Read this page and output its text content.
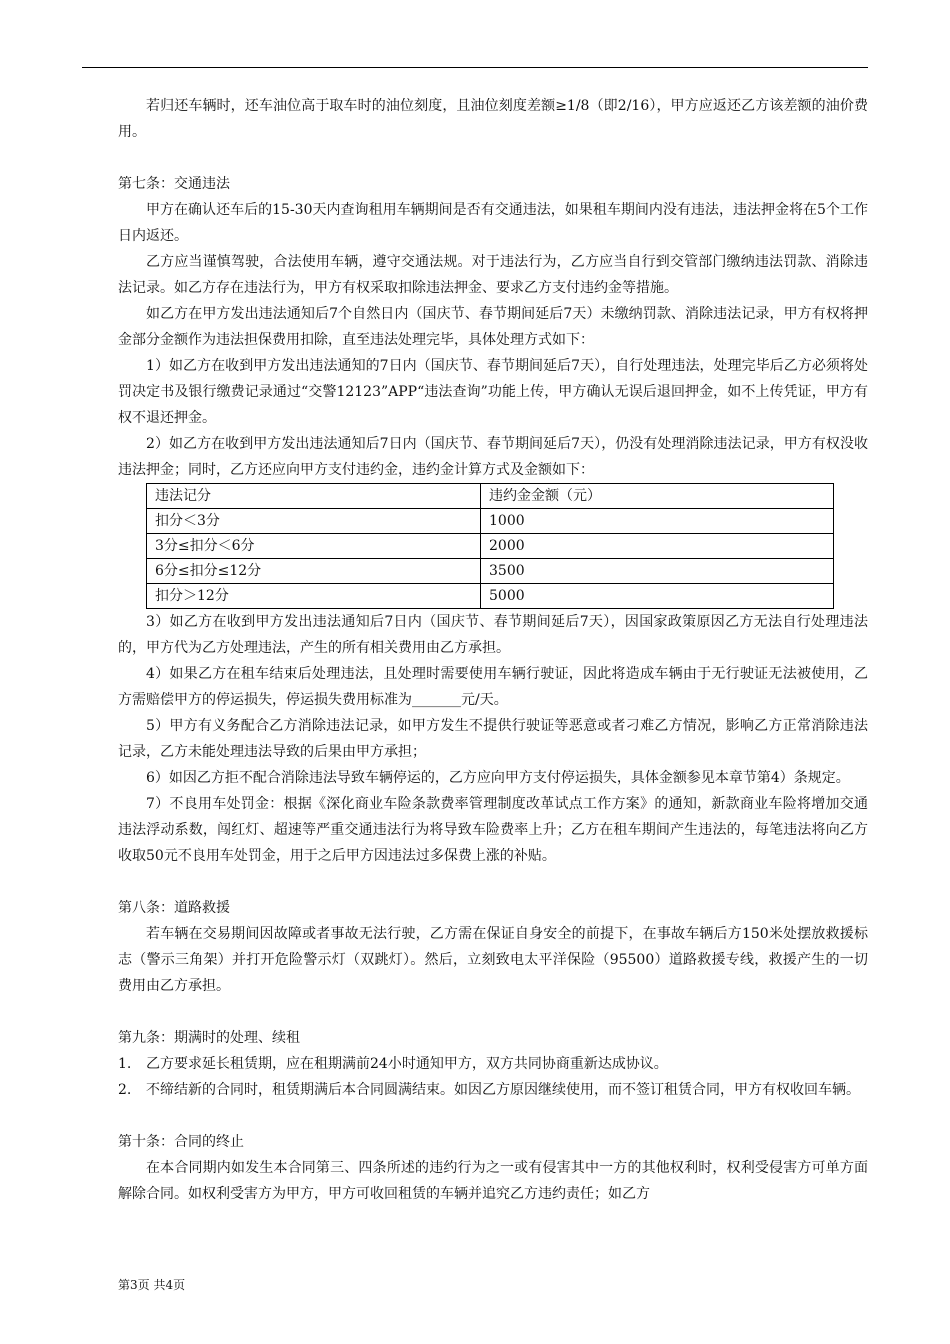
若归还车辆时，还车油位高于取车时的油位刻度，且油位刻度差额≥1/8（即2/16），甲方应返还乙方该差额的油价费用。

第七条：交通违法

甲方在确认还车后的15-30天内查询租用车辆期间是否有交通违法，如果租车期间内没有违法，违法押金将在5个工作日内返还。

乙方应当谨慎驾驶，合法使用车辆，遵守交通法规。对于违法行为，乙方应当自行到交管部门缴纳违法罚款、消除违法记录。如乙方存在违法行为，甲方有权采取扣除违法押金、要求乙方支付违约金等措施。

如乙方在甲方发出违法通知后7个自然日内（国庆节、春节期间延后7天）未缴纳罚款、消除违法记录，甲方有权将押金部分金额作为违法担保费用扣除，直至违法处理完毕，具体处理方式如下：

1）如乙方在收到甲方发出违法通知的7日内（国庆节、春节期间延后7天），自行处理违法，处理完毕后乙方必须将处罚决定书及银行缴费记录通过“交警12123”APP“违法查询”功能上传，甲方确认无误后退回押金，如不上传凭证，甲方有权不退还押金。

2）如乙方在收到甲方发出违法通知后7日内（国庆节、春节期间延后7天），仍没有处理消除违法记录，甲方有权没收违法押金；同时，乙方还应向甲方支付违约金，违约金计算方式及金额如下：

违法记分	违约金金额（元）
扣分＜3分	1000
3分≤扣分＜6分	2000
6分≤扣分≤12分	3500
扣分＞12分	5000

3）如乙方在收到甲方发出违法通知后7日内（国庆节、春节期间延后7天），因国家政策原因乙方无法自行处理违法的，甲方代为乙方处理违法，产生的所有相关费用由乙方承担。

4）如果乙方在租车结束后处理违法，且处理时需要使用车辆行驶证，因此将造成车辆由于无行驶证无法被使用，乙方需赔偿甲方的停运损失，停运损失费用标准为_______元/天。

5）甲方有义务配合乙方消除违法记录，如甲方发生不提供行驶证等恶意或者刁难乙方情况，影响乙方正常消除违法记录，乙方未能处理违法导致的后果由甲方承担；

6）如因乙方拒不配合消除违法导致车辆停运的，乙方应向甲方支付停运损失，具体金额参见本章节第4）条规定。

7）不良用车处罚金：根据《深化商业车险条款费率管理制度改革试点工作方案》的通知，新款商业车险将增加交通违法浮动系数，闯红灯、超速等严重交通违法行为将导致车险费率上升；乙方在租车期间产生违法的，每笔违法将向乙方收取50元不良用车处罚金，用于之后甲方因违法过多保费上涨的补贴。

第八条：道路救援

若车辆在交易期间因故障或者事故无法行驶，乙方需在保证自身安全的前提下，在事故车辆后方150米处摆放救援标志（警示三角架）并打开危险警示灯（双跳灯）。然后，立刻致电太平洋保险（95500）道路救援专线，救援产生的一切费用由乙方承担。

第九条：期满时的处理、续租

1.	乙方要求延长租赁期，应在租期满前24小时通知甲方，双方共同协商重新达成协议。
2.	不缔结新的合同时，租赁期满后本合同圆满结束。如因乙方原因继续使用，而不签订租赁合同，甲方有权收回车辆。

第十条：合同的终止

在本合同期内如发生本合同第三、四条所述的违约行为之一或有侵害其中一方的其他权利时，权利受侵害方可单方面解除合同。如权利受害方为甲方，甲方可收回租赁的车辆并追究乙方违约责任；如乙方

第3页 共4页
